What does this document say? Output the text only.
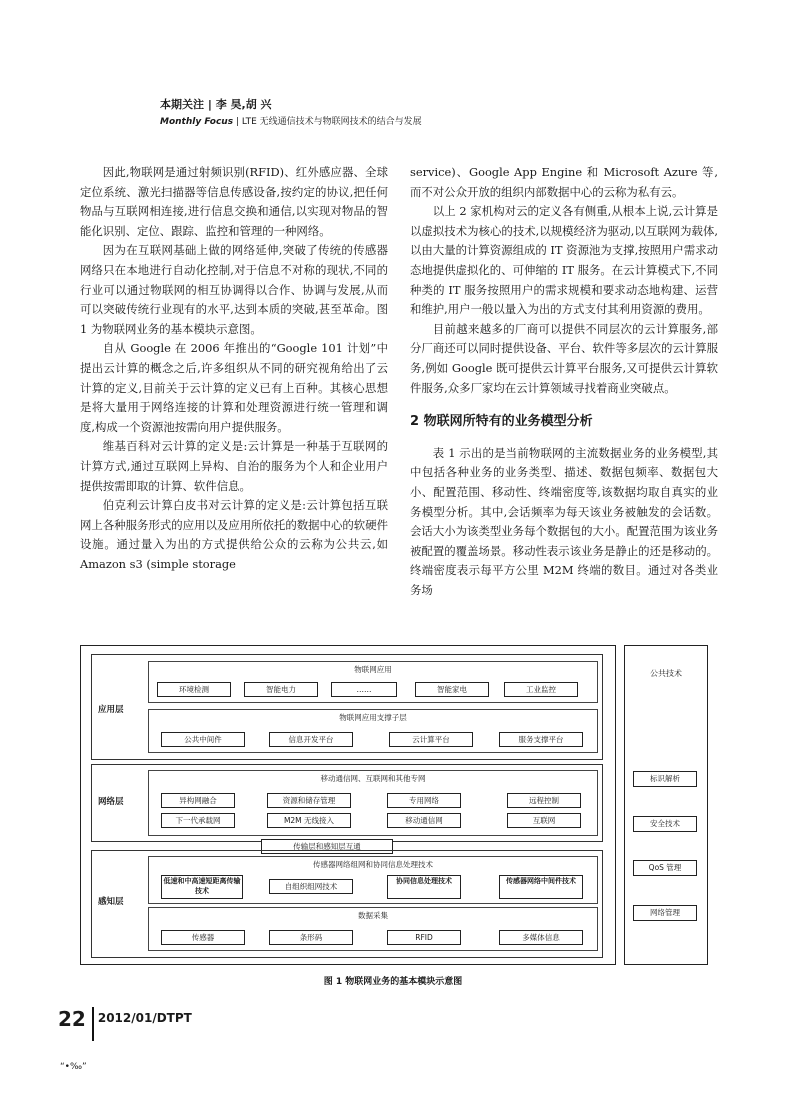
本期关注 | 李 昊,胡 兴
Monthly Focus | LTE 无线通信技术与物联网技术的结合与发展

因此,物联网是通过射频识别(RFID)、红外感应器、全球定位系统、激光扫描器等信息传感设备,按约定的协议,把任何物品与互联网相连接,进行信息交换和通信,以实现对物品的智能化识别、定位、跟踪、监控和管理的一种网络。

因为在互联网基础上做的网络延伸,突破了传统的传感器网络只在本地进行自动化控制,对于信息不对称的现状,不同的行业可以通过物联网的相互协调得以合作、协调与发展,从而可以突破传统行业现有的水平,达到本质的突破,甚至革命。图 1 为物联网业务的基本模块示意图。

自从 Google 在 2006 年推出的“Google 101 计划”中提出云计算的概念之后,许多组织从不同的研究视角给出了云计算的定义,目前关于云计算的定义已有上百种。其核心思想是将大量用于网络连接的计算和处理资源进行统一管理和调度,构成一个资源池按需向用户提供服务。

维基百科对云计算的定义是:云计算是一种基于互联网的计算方式,通过互联网上异构、自治的服务为个人和企业用户提供按需即取的计算、软件信息。

伯克利云计算白皮书对云计算的定义是:云计算包括互联网上各种服务形式的应用以及应用所依托的数据中心的软硬件设施。通过量入为出的方式提供给公众的云称为公共云,如 Amazon s3 (simple storage

service)、Google App Engine 和 Microsoft Azure 等,而不对公众开放的组织内部数据中心的云称为私有云。

以上 2 家机构对云的定义各有侧重,从根本上说,云计算是以虚拟技术为核心的技术,以规模经济为驱动,以互联网为载体,以由大量的计算资源组成的 IT 资源池为支撑,按照用户需求动态地提供虚拟化的、可伸缩的 IT 服务。在云计算模式下,不同种类的 IT 服务按照用户的需求规模和要求动态地构建、运营和维护,用户一般以量入为出的方式支付其利用资源的费用。

目前越来越多的厂商可以提供不同层次的云计算服务,部分厂商还可以同时提供设备、平台、软件等多层次的云计算服务,例如 Google 既可提供云计算平台服务,又可提供云计算软件服务,众多厂家均在云计算领域寻找着商业突破点。

2 物联网所特有的业务模型分析

表 1 示出的是当前物联网的主流数据业务的业务模型,其中包括各种业务的业务类型、描述、数据包频率、数据包大小、配置范围、移动性、终端密度等,该数据均取自真实的业务模型分析。其中,会话频率为每天该业务被触发的会话数。会话大小为该类型业务每个数据包的大小。配置范围为该业务被配置的覆盖场景。移动性表示该业务是静止的还是移动的。终端密度表示每平方公里 M2M 终端的数目。通过对各类业务场

应用层
物联网应用
环境检测	智能电力	……	智能家电	工业监控
物联网应用支撑子层
公共中间件	信息开发平台	云计算平台	服务支撑平台
网络层
移动通信网、互联网和其他专网
异构网融合	资源和储存管理	专用网络	远程控制
下一代承载网	M2M 无线接入	移动通信网	互联网
传输层和感知层互通
感知层
传感器网络组网和协同信息处理技术
低速和中高速短距离传输技术	自组织组网技术
协同信息处理技术	传感器网络中间件技术
数据采集
传感器	条形码	RFID	多媒体信息
公共技术
标识解析
安全技术
QoS 管理
网络管理
图 1 物联网业务的基本模块示意图
22 2012/01/DTPT
“•‰”
